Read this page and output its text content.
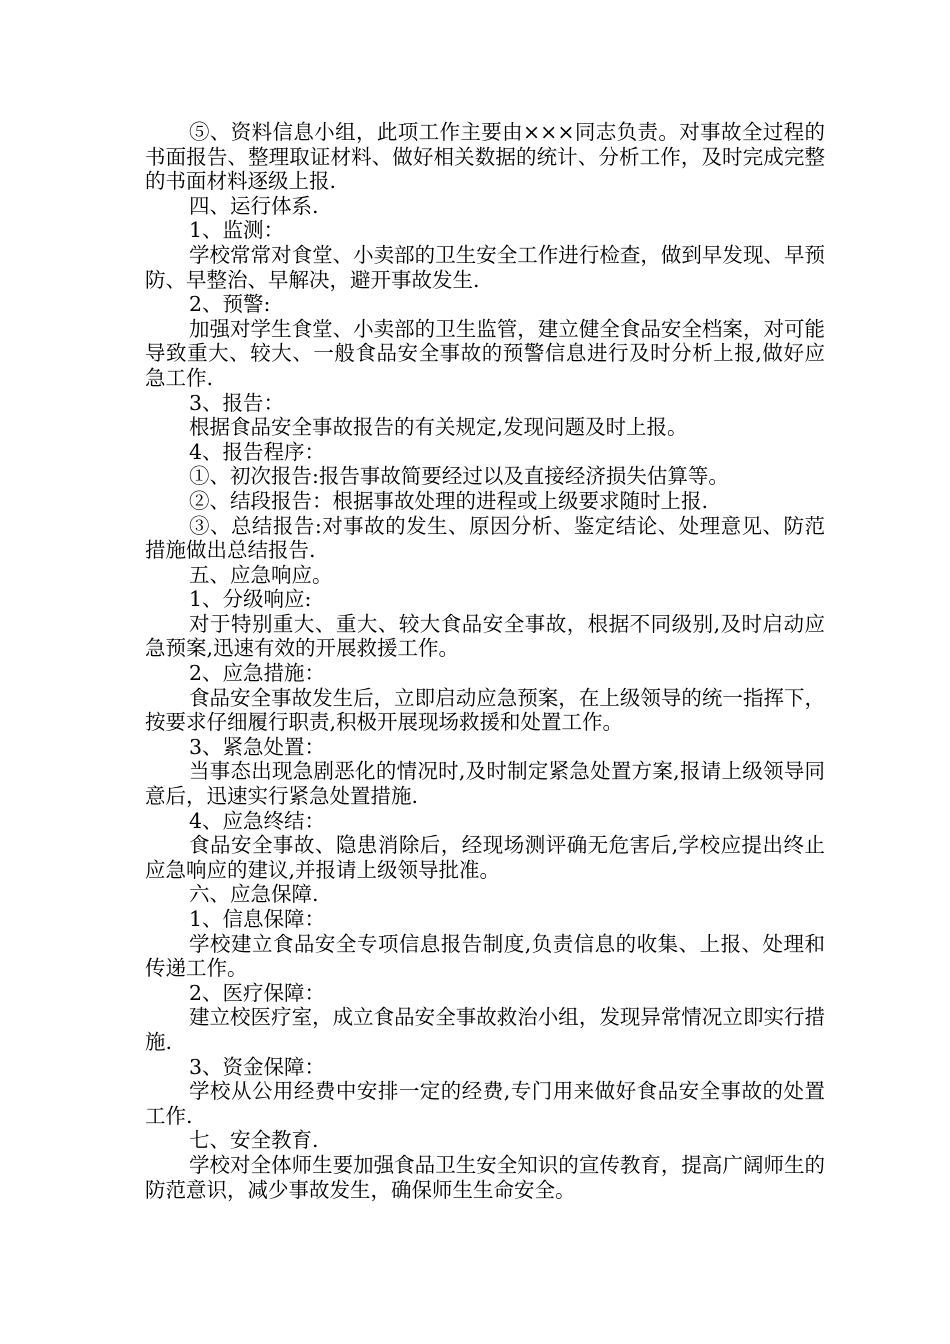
⑤、资料信息小组，此项工作主要由×××同志负责。对事故全过程的书面报告、整理取证材料、做好相关数据的统计、分析工作，及时完成完整的书面材料逐级上报.

四、运行体系.

1、监测：

学校常常对食堂、小卖部的卫生安全工作进行检查，做到早发现、早预防、早整治、早解决，避开事故发生.

2、预警:

加强对学生食堂、小卖部的卫生监管，建立健全食品安全档案，对可能导致重大、较大、一般食品安全事故的预警信息进行及时分析上报,做好应急工作.

3、报告：

根据食品安全事故报告的有关规定,发现问题及时上报。

4、报告程序：

①、初次报告:报告事故简要经过以及直接经济损失估算等。

②、结段报告：根据事故处理的进程或上级要求随时上报.

③、总结报告:对事故的发生、原因分析、鉴定结论、处理意见、防范措施做出总结报告.

五、应急响应。

1、分级响应:

对于特别重大、重大、较大食品安全事故，根据不同级别,及时启动应急预案,迅速有效的开展救援工作。

2、应急措施：

食品安全事故发生后，立即启动应急预案，在上级领导的统一指挥下，按要求仔细履行职责,积极开展现场救援和处置工作。

3、紧急处置：

当事态出现急剧恶化的情况时,及时制定紧急处置方案,报请上级领导同意后，迅速实行紧急处置措施.

4、应急终结：

食品安全事故、隐患消除后，经现场测评确无危害后,学校应提出终止应急响应的建议,并报请上级领导批准。

六、应急保障.

1、信息保障：

学校建立食品安全专项信息报告制度,负责信息的收集、上报、处理和传递工作。

2、医疗保障：

建立校医疗室，成立食品安全事故救治小组，发现异常情况立即实行措施.

3、资金保障：

学校从公用经费中安排一定的经费,专门用来做好食品安全事故的处置工作.

七、安全教育.

学校对全体师生要加强食品卫生安全知识的宣传教育，提高广阔师生的防范意识，减少事故发生，确保师生生命安全。
